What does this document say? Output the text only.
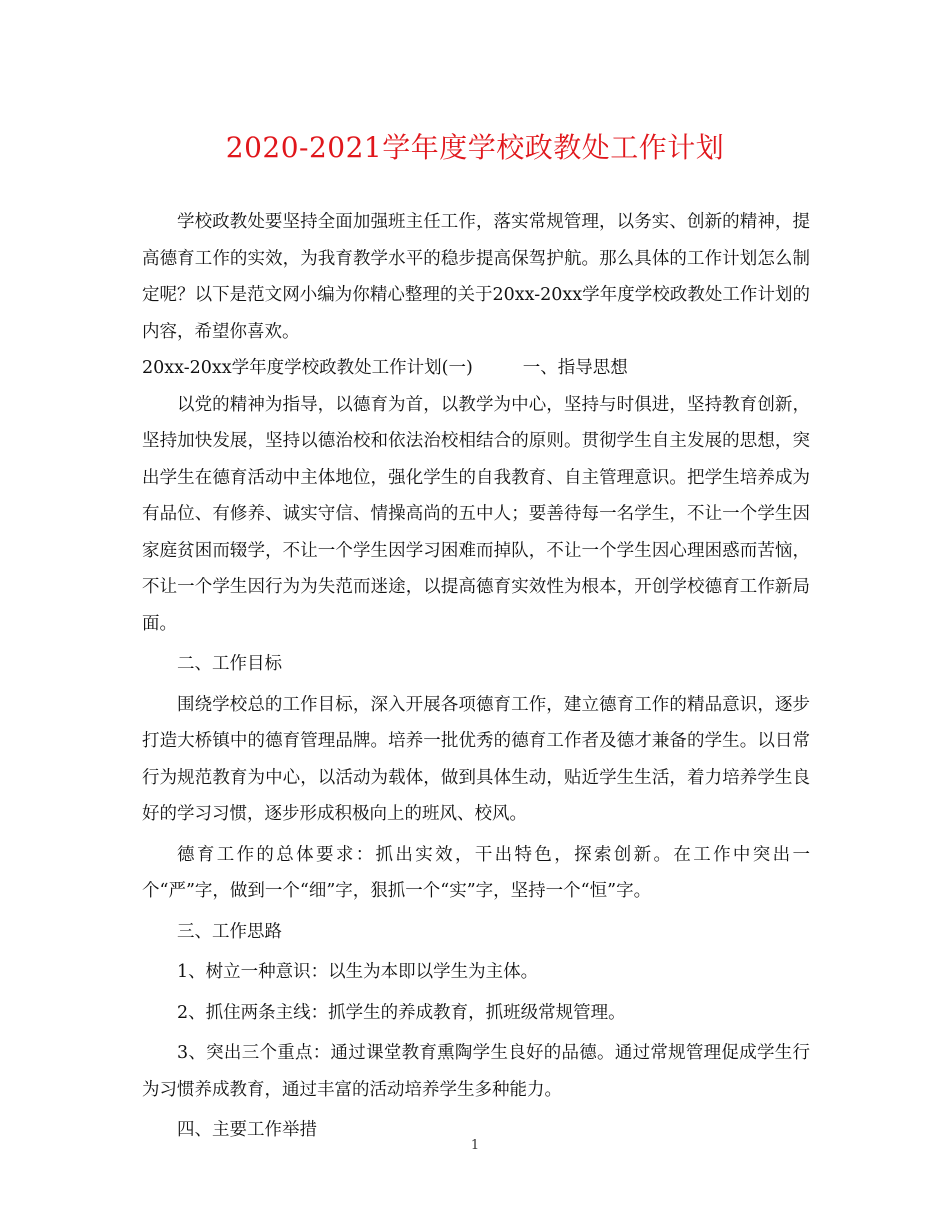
2020-2021学年度学校政教处工作计划

学校政教处要坚持全面加强班主任工作，落实常规管理，以务实、创新的精神，提高德育工作的实效，为我育教学水平的稳步提高保驾护航。那么具体的工作计划怎么制定呢？以下是范文网小编为你精心整理的关于20xx-20xx学年度学校政教处工作计划的内容，希望你喜欢。

20xx-20xx学年度学校政教处工作计划(一)	一、指导思想

以党的精神为指导，以德育为首，以教学为中心，坚持与时俱进，坚持教育创新，坚持加快发展，坚持以德治校和依法治校相结合的原则。贯彻学生自主发展的思想，突出学生在德育活动中主体地位，强化学生的自我教育、自主管理意识。把学生培养成为有品位、有修养、诚实守信、情操高尚的五中人；要善待每一名学生，不让一个学生因家庭贫困而辍学，不让一个学生因学习困难而掉队，不让一个学生因心理困惑而苦恼，不让一个学生因行为为失范而迷途，以提高德育实效性为根本，开创学校德育工作新局面。

二、工作目标

围绕学校总的工作目标，深入开展各项德育工作，建立德育工作的精品意识，逐步打造大桥镇中的德育管理品牌。培养一批优秀的德育工作者及德才兼备的学生。以日常行为规范教育为中心，以活动为载体，做到具体生动，贴近学生生活，着力培养学生良好的学习习惯，逐步形成积极向上的班风、校风。

德育工作的总体要求：抓出实效，干出特色，探索创新。在工作中突出一个“严”字，做到一个“细”字，狠抓一个“实”字，坚持一个“恒”字。

三、工作思路

1、树立一种意识：以生为本即以学生为主体。

2、抓住两条主线：抓学生的养成教育，抓班级常规管理。

3、突出三个重点：通过课堂教育熏陶学生良好的品德。通过常规管理促成学生行为习惯养成教育，通过丰富的活动培养学生多种能力。

四、主要工作举措

1
